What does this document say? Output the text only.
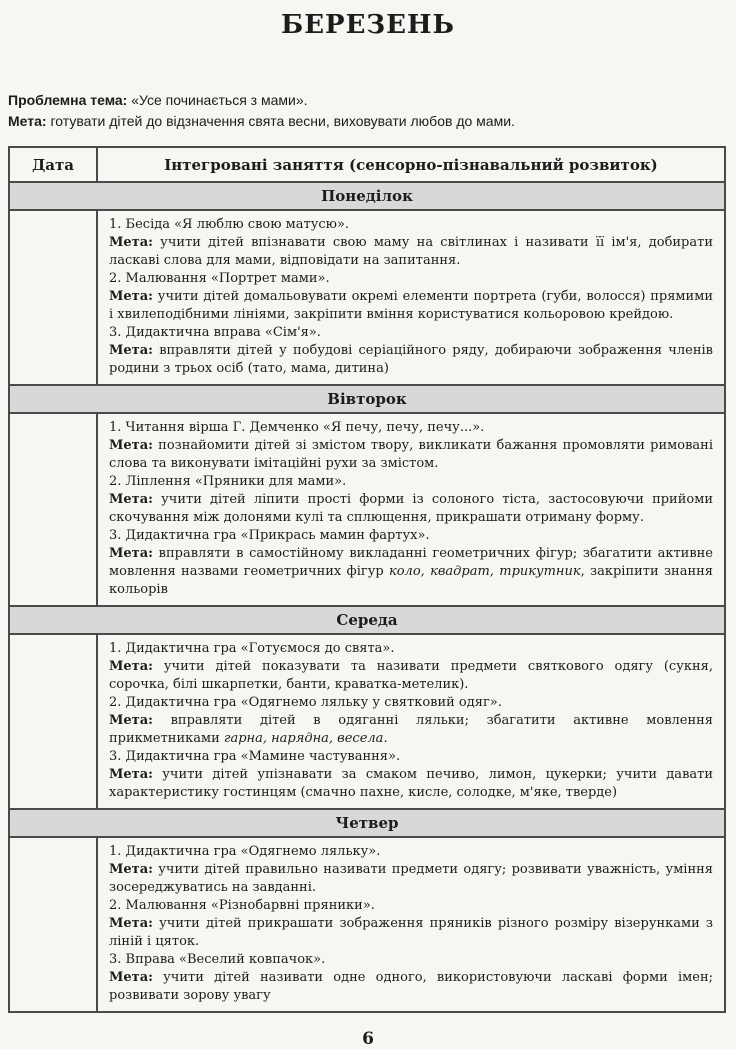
БЕРЕЗЕНЬ

Проблемна тема: «Усе починається з мами».

Мета: готувати дітей до відзначення свята весни, виховувати любов до мами.

Дата	Інтегровані заняття (сенсорно-пізнавальний розвиток)
Понеділок	

1. Бесіда «Я люблю свою матусю».

Мета: учити дітей впізнавати свою маму на світлинах і називати її ім'я, добирати ласкаві слова для мами, відповідати на запитання.

2. Малювання «Портрет мами».

Мета: учити дітей домальовувати окремі елементи портрета (губи, волосся) прямими і хвилеподібними лініями, закріпити вміння користуватися кольоровою крейдою.

3. Дидактична вправа «Сім'я».

Мета: вправляти дітей у побудові серіаційного ряду, добираючи зображення членів родини з трьох осіб (тато, мама, дитина)

Вівторок	

1. Читання вірша Г. Демченко «Я печу, печу, печу...».

Мета: познайомити дітей зі змістом твору, викликати бажання промовляти римовані слова та виконувати імітаційні рухи за змістом.

2. Ліплення «Пряники для мами».

Мета: учити дітей ліпити прості форми із солоного тіста, застосовуючи прийоми скочування між долонями кулі та сплющення, прикрашати отриману форму.

3. Дидактична гра «Прикрась мамин фартух».

Мета: вправляти в самостійному викладанні геометричних фігур; збагатити активне мовлення назвами геометричних фігур коло, квадрат, трикутник, закріпити знання кольорів

Середа	

1. Дидактична гра «Готуємося до свята».

Мета: учити дітей показувати та називати предмети святкового одягу (сукня, сорочка, білі шкарпетки, банти, краватка-метелик).

2. Дидактична гра «Одягнемо ляльку у святковий одяг».

Мета: вправляти дітей в одяганні ляльки; збагатити активне мовлення прикметниками гарна, нарядна, весела.

3. Дидактична гра «Мамине частування».

Мета: учити дітей упізнавати за смаком печиво, лимон, цукерки; учити давати характеристику гостинцям (смачно пахне, кисле, солодке, м'яке, тверде)

Четвер	

1. Дидактична гра «Одягнемо ляльку».

Мета: учити дітей правильно називати предмети одягу; розвивати уважність, уміння зосереджуватись на завданні.

2. Малювання «Різнобарвні пряники».

Мета: учити дітей прикрашати зображення пряників різного розміру візерунками з ліній і цяток.

3. Вправа «Веселий ковпачок».

Мета: учити дітей називати одне одного, використовуючи ласкаві форми імен; розвивати зорову увагу

6
